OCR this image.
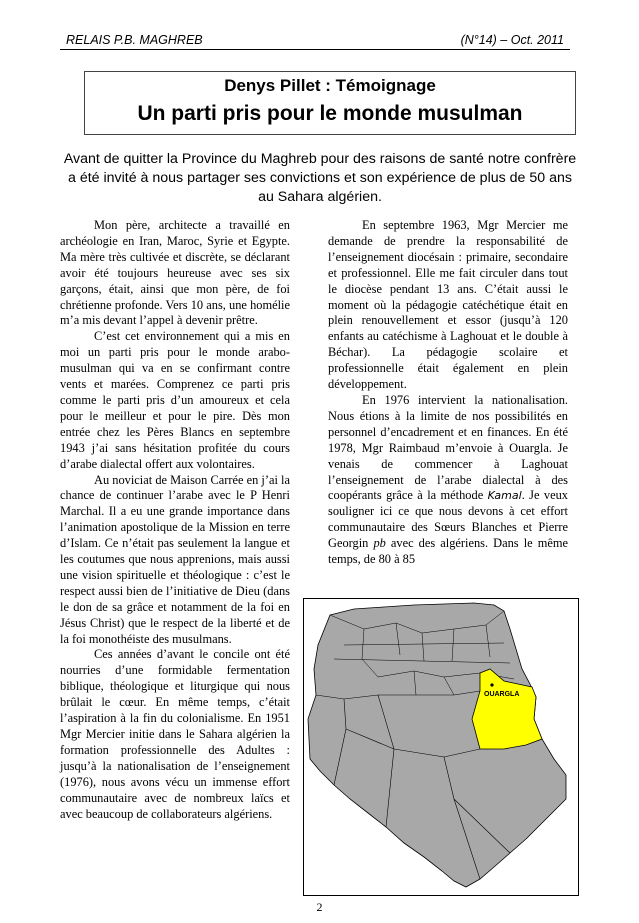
RELAIS P.B. MAGHREB	(N°14) – Oct. 2011
Denys Pillet : Témoignage
Un parti pris pour le monde musulman
Avant de quitter la Province du Maghreb pour des raisons de santé notre confrère a été invité à nous partager ses convictions et son expérience de plus de 50 ans au Sahara algérien.

Mon père, architecte a travaillé en archéologie en Iran, Maroc, Syrie et Egypte. Ma mère très cultivée et discrète, se déclarant avoir été toujours heureuse avec ses six garçons, était, ainsi que mon père, de foi chrétienne profonde. Vers 10 ans, une homélie m’a mis devant l’appel à devenir prêtre.

C’est cet environnement qui a mis en moi un parti pris pour le monde arabo-musulman qui va en se confirmant contre vents et marées. Comprenez ce parti pris comme le parti pris d’un amoureux et cela pour le meilleur et pour le pire. Dès mon entrée chez les Pères Blancs en septembre 1943 j’ai sans hésitation profitée du cours d’arabe dialectal offert aux volontaires.

Au noviciat de Maison Carrée en j’ai la chance de continuer l’arabe avec le P Henri Marchal. Il a eu une grande importance dans l’animation apostolique de la Mission en terre d’Islam. Ce n’était pas seulement la langue et les coutumes que nous apprenions, mais aussi une vision spirituelle et théologique : c’est le respect aussi bien de l’initiative de Dieu (dans le don de sa grâce et notamment de la foi en Jésus Christ) que le respect de la liberté et de la foi monothéiste des musulmans.

Ces années d’avant le concile ont été nourries d’une formidable fermentation biblique, théologique et liturgique qui nous brûlait le cœur. En même temps, c’était l’aspiration à la fin du colonialisme. En 1951 Mgr Mercier initie dans le Sahara algérien la formation professionnelle des Adultes : jusqu’à la nationalisation de l’enseignement (1976), nous avons vécu un immense effort communautaire avec de nombreux laïcs et avec beaucoup de collaborateurs algériens.

En septembre 1963, Mgr Mercier me demande de prendre la responsabilité de l’enseignement diocésain : primaire, secondaire et professionnel. Elle me fait circuler dans tout le diocèse pendant 13 ans. C’était aussi le moment où la pédagogie catéchétique était en plein renouvellement et essor (jusqu’à 120 enfants au catéchisme à Laghouat et le double à Béchar). La pédagogie scolaire et professionnelle était également en plein développement.

En 1976 intervient la nationalisation. Nous étions à la limite de nos possibilités en personnel d’encadrement et en finances. En été 1978, Mgr Raimbaud m’envoie à Ouargla. Je venais de commencer à Laghouat l’enseignement de l’arabe dialectal à des coopérants grâce à la méthode Kamal. Je veux souligner ici ce que nous devons à cet effort communautaire des Sœurs Blanches et Pierre Georgin pb avec des algériens. Dans le même temps, de 80 à 85

OUARGLA
2
